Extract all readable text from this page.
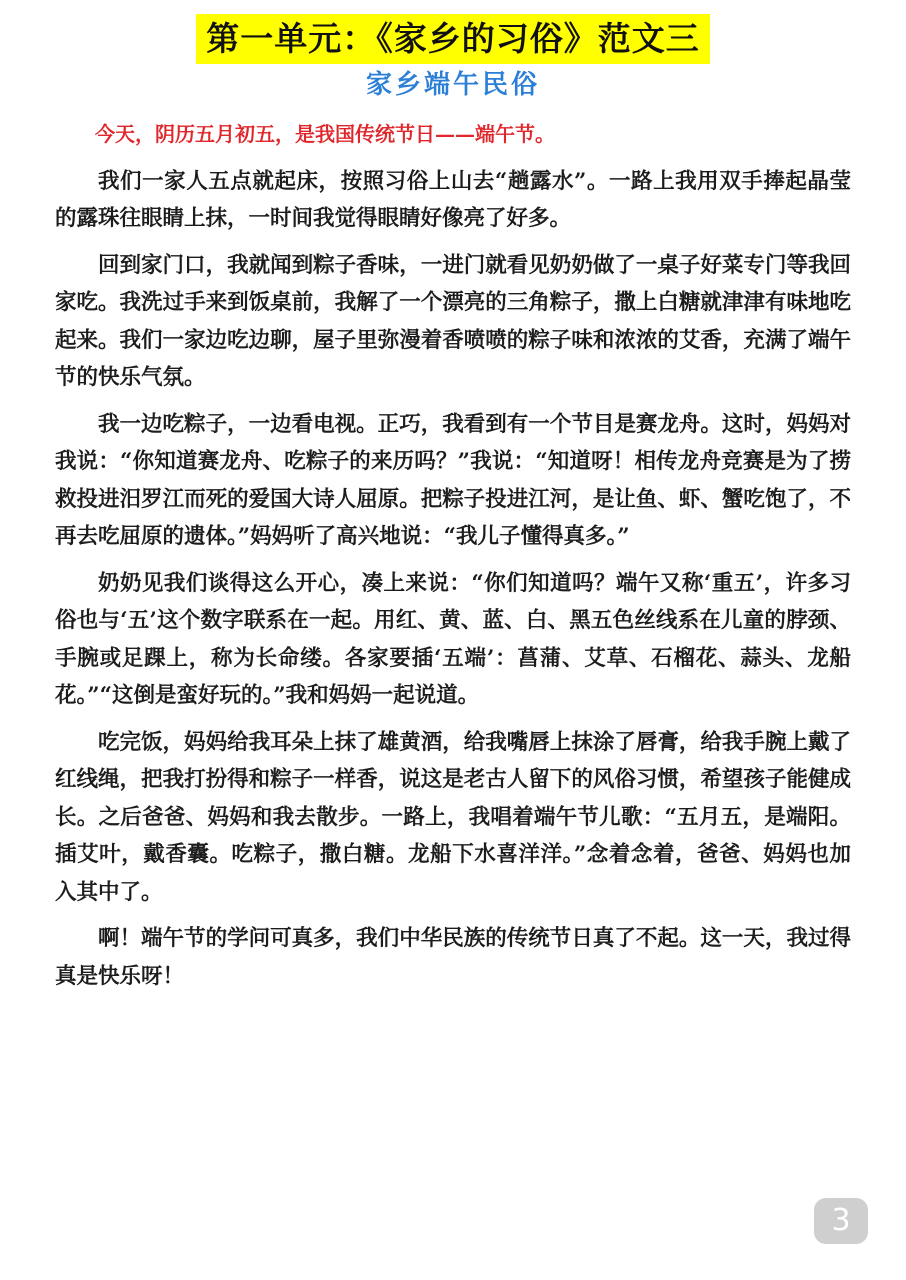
第一单元：《家乡的习俗》范文三
家乡端午民俗

今天，阴历五月初五，是我国传统节日——端午节。

我们一家人五点就起床，按照习俗上山去“趟露水”。一路上我用双手捧起晶莹的露珠往眼睛上抹，一时间我觉得眼睛好像亮了好多。

回到家门口，我就闻到粽子香味，一进门就看见奶奶做了一桌子好菜专门等我回家吃。我洗过手来到饭桌前，我解了一个漂亮的三角粽子，撒上白糖就津津有味地吃起来。我们一家边吃边聊，屋子里弥漫着香喷喷的粽子味和浓浓的艾香，充满了端午节的快乐气氛。

我一边吃粽子，一边看电视。正巧，我看到有一个节目是赛龙舟。这时，妈妈对我说：“你知道赛龙舟、吃粽子的来历吗？”我说：“知道呀！相传龙舟竞赛是为了捞救投进汨罗江而死的爱国大诗人屈原。把粽子投进江河，是让鱼、虾、蟹吃饱了，不再去吃屈原的遗体。”妈妈听了高兴地说：“我儿子懂得真多。”

奶奶见我们谈得这么开心，凑上来说：“你们知道吗？端午又称‘重五’，许多习俗也与‘五’这个数字联系在一起。用红、黄、蓝、白、黑五色丝线系在儿童的脖颈、手腕或足踝上，称为长命缕。各家要插‘五端’：菖蒲、艾草、石榴花、蒜头、龙船花。”“这倒是蛮好玩的。”我和妈妈一起说道。

吃完饭，妈妈给我耳朵上抹了雄黄酒，给我嘴唇上抹涂了唇膏，给我手腕上戴了红线绳，把我打扮得和粽子一样香，说这是老古人留下的风俗习惯，希望孩子能健成长。之后爸爸、妈妈和我去散步。一路上，我唱着端午节儿歌：“五月五，是端阳。插艾叶，戴香囊。吃粽子，撒白糖。龙船下水喜洋洋。”念着念着，爸爸、妈妈也加入其中了。

啊！端午节的学问可真多，我们中华民族的传统节日真了不起。这一天，我过得真是快乐呀！

3
